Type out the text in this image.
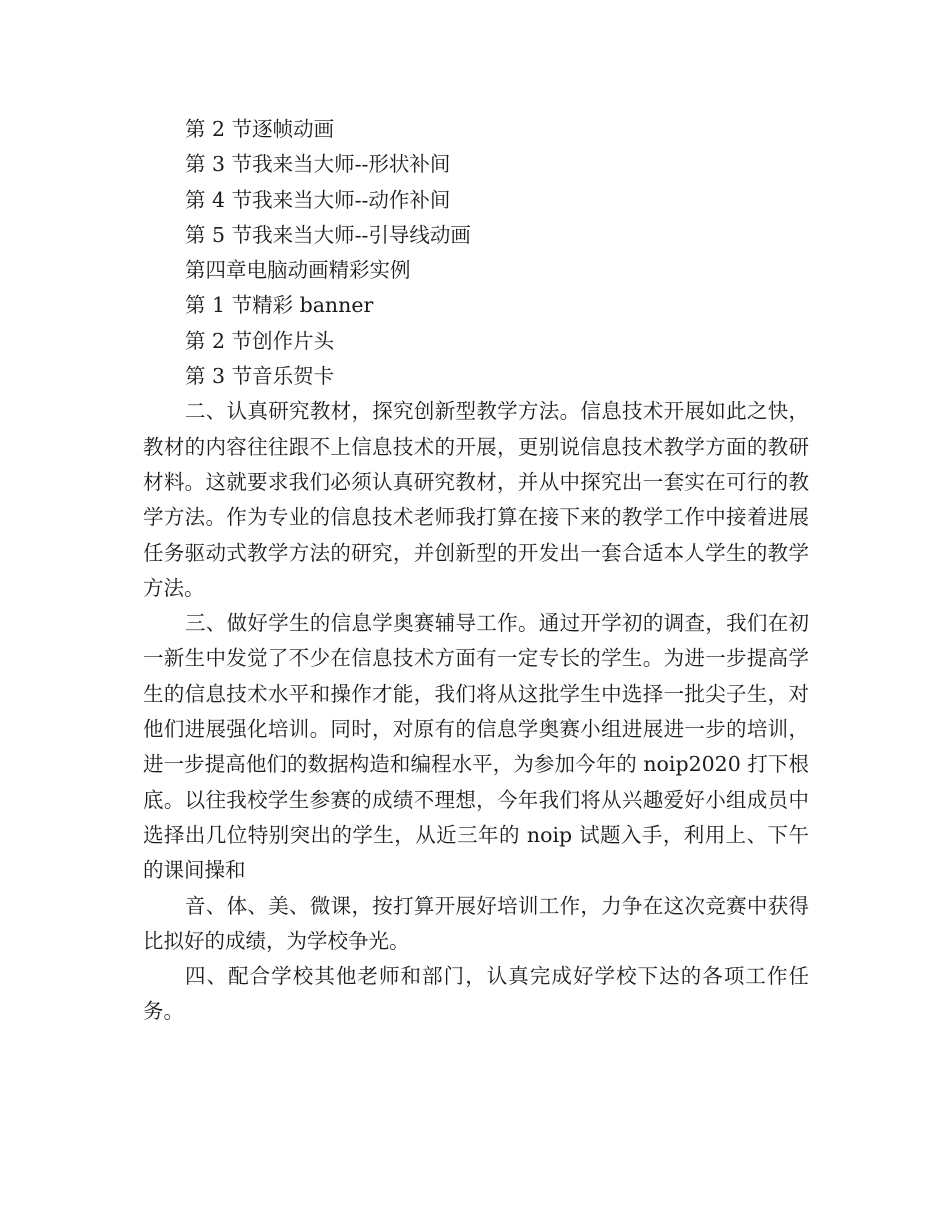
第 2 节逐帧动画

第 3 节我来当大师--形状补间

第 4 节我来当大师--动作补间

第 5 节我来当大师--引导线动画

第四章电脑动画精彩实例

第 1 节精彩 banner

第 2 节创作片头

第 3 节音乐贺卡

二、认真研究教材，探究创新型教学方法。信息技术开展如此之快，教材的内容往往跟不上信息技术的开展，更别说信息技术教学方面的教研材料。这就要求我们必须认真研究教材，并从中探究出一套实在可行的教学方法。作为专业的信息技术老师我打算在接下来的教学工作中接着进展任务驱动式教学方法的研究，并创新型的开发出一套合适本人学生的教学方法。

三、做好学生的信息学奥赛辅导工作。通过开学初的调查，我们在初一新生中发觉了不少在信息技术方面有一定专长的学生。为进一步提高学生的信息技术水平和操作才能，我们将从这批学生中选择一批尖子生，对他们进展强化培训。同时，对原有的信息学奥赛小组进展进一步的培训，进一步提高他们的数据构造和编程水平，为参加今年的 noip2020 打下根底。以往我校学生参赛的成绩不理想，今年我们将从兴趣爱好小组成员中选择出几位特别突出的学生，从近三年的 noip 试题入手，利用上、下午的课间操和

音、体、美、微课，按打算开展好培训工作，力争在这次竞赛中获得比拟好的成绩，为学校争光。

四、配合学校其他老师和部门，认真完成好学校下达的各项工作任务。
